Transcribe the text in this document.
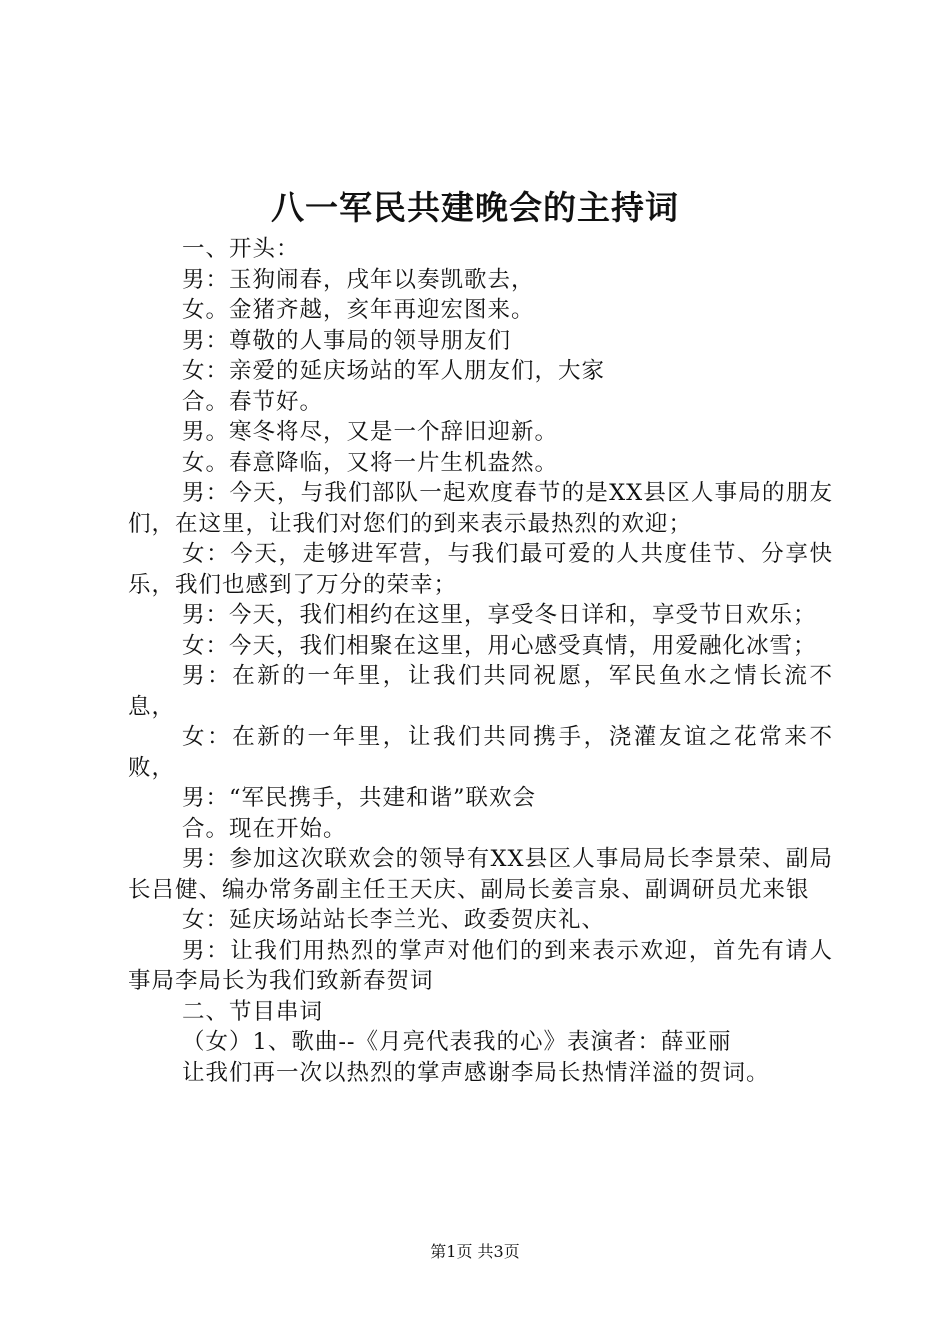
八一军民共建晚会的主持词

一、开头：

男：玉狗闹春，戌年以奏凯歌去，

女。金猪齐越，亥年再迎宏图来。

男：尊敬的人事局的领导朋友们

女：亲爱的延庆场站的军人朋友们，大家

合。春节好。

男。寒冬将尽，又是一个辞旧迎新。

女。春意降临，又将一片生机盎然。

男：今天，与我们部队一起欢度春节的是XX县区人事局的朋友们，在这里，让我们对您们的到来表示最热烈的欢迎；

女：今天，走够进军营，与我们最可爱的人共度佳节、分享快乐，我们也感到了万分的荣幸；

男：今天，我们相约在这里，享受冬日详和，享受节日欢乐；

女：今天，我们相聚在这里，用心感受真情，用爱融化冰雪；

男：在新的一年里，让我们共同祝愿，军民鱼水之情长流不息，

女：在新的一年里，让我们共同携手，浇灌友谊之花常来不败，

男：“军民携手，共建和谐”联欢会

合。现在开始。

男：参加这次联欢会的领导有XX县区人事局局长李景荣、副局长吕健、编办常务副主任王天庆、副局长姜言泉、副调研员尤来银

女：延庆场站站长李兰光、政委贺庆礼、

男：让我们用热烈的掌声对他们的到来表示欢迎，首先有请人事局李局长为我们致新春贺词

二、节目串词

（女）1、歌曲--《月亮代表我的心》表演者：薛亚丽

让我们再一次以热烈的掌声感谢李局长热情洋溢的贺词。

第1页 共3页
